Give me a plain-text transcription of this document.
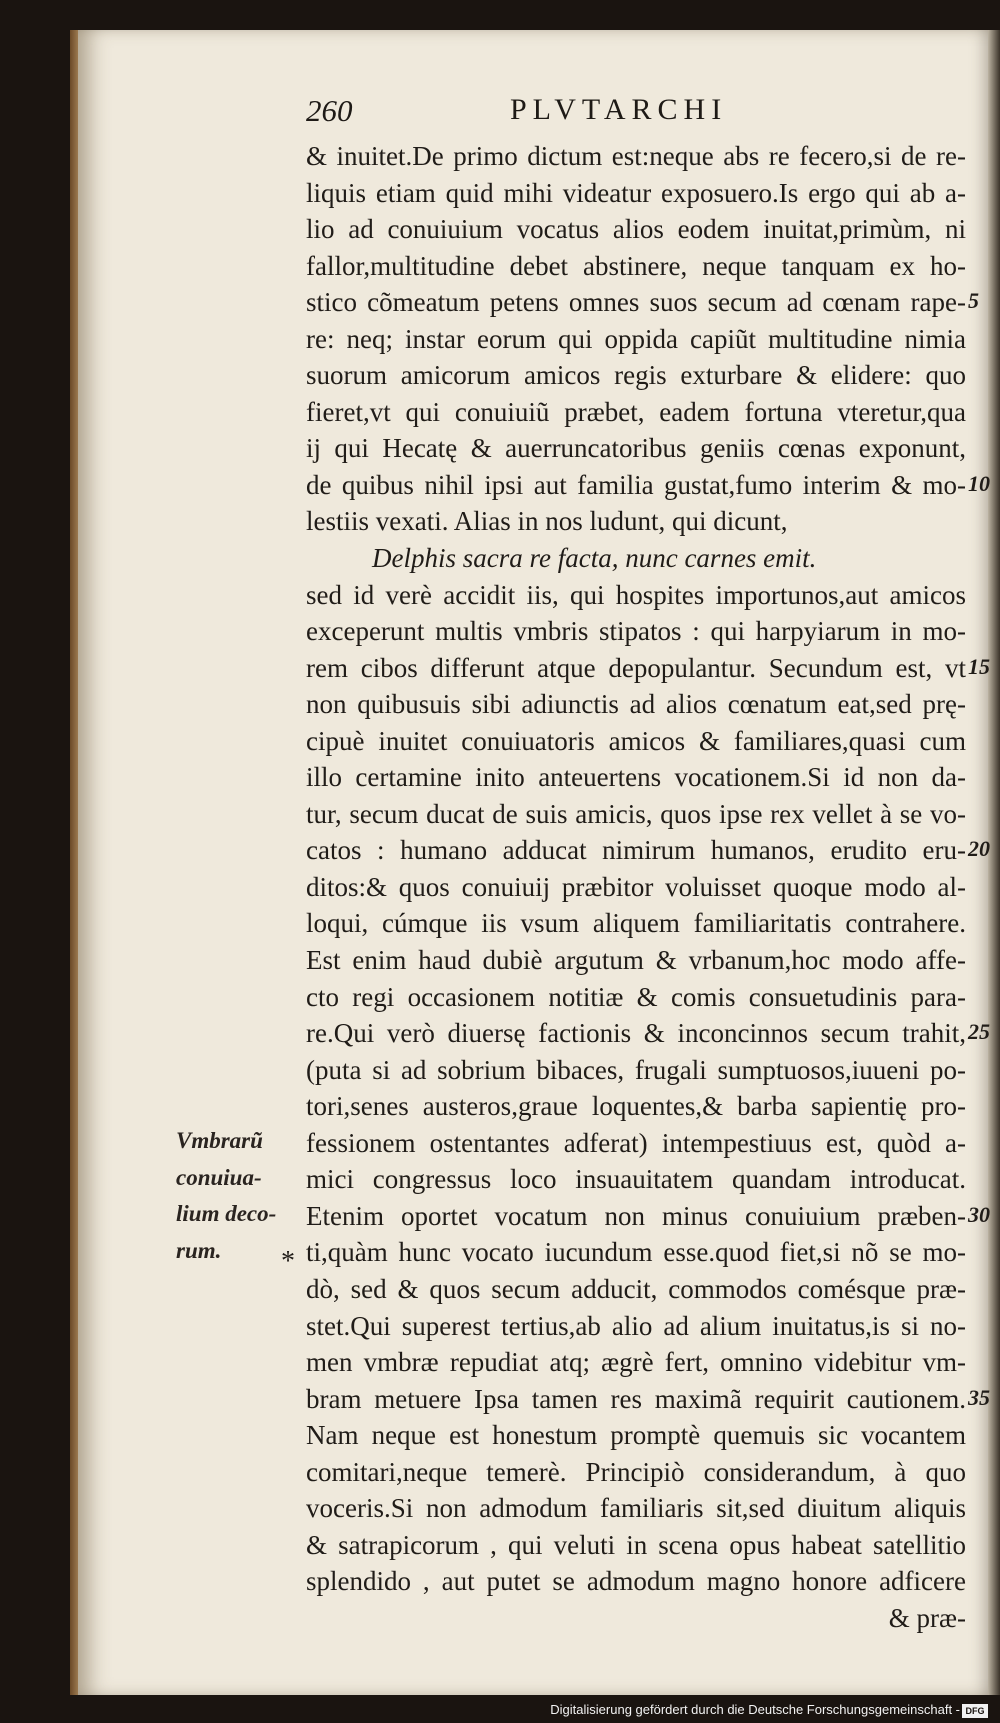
260	PLVTARCHI
& inuitet.De primo dictum est:neque abs re fecero,si de re-
liquis etiam quid mihi videatur exposuero.Is ergo qui ab a-
lio ad conuiuium vocatus alios eodem inuitat,primùm, ni
fallor,multitudine debet abstinere, neque tanquam ex ho-
stico cõmeatum petens omnes suos secum ad cœnam rape-
re: neq; instar eorum qui oppida capiũt multitudine nimia
suorum amicorum amicos regis exturbare & elidere: quo
fieret,vt qui conuiuiũ præbet, eadem fortuna vteretur,qua
ij qui Hecatę & auerruncatoribus geniis cœnas exponunt,
de quibus nihil ipsi aut familia gustat,fumo interim & mo-
lestiis vexati. Alias in nos ludunt, qui dicunt,
Delphis sacra re facta, nunc carnes emit.
sed id verè accidit iis, qui hospites importunos,aut amicos
exceperunt multis vmbris stipatos : qui harpyiarum in mo-
rem cibos differunt atque depopulantur. Secundum est, vt
non quibusuis sibi adiunctis ad alios cœnatum eat,sed prę-
cipuè inuitet conuiuatoris amicos & familiares,quasi cum
illo certamine inito anteuertens vocationem.Si id non da-
tur, secum ducat de suis amicis, quos ipse rex vellet à se vo-
catos : humano adducat nimirum humanos, erudito eru-
ditos:& quos conuiuij præbitor voluisset quoque modo al-
loqui, cúmque iis vsum aliquem familiaritatis contrahere.
Est enim haud dubiè argutum & vrbanum,hoc modo affe-
cto regi occasionem notitiæ & comis consuetudinis para-
re.Qui verò diuersę factionis & inconcinnos secum trahit,
(puta si ad sobrium bibaces, frugali sumptuosos,iuueni po-
tori,senes austeros,graue loquentes,& barba sapientię pro-
fessionem ostentantes adferat) intempestiuus est, quòd a-
mici congressus loco insuauitatem quandam introducat.
Etenim oportet vocatum non minus conuiuium præben-
ti,quàm hunc vocato iucundum esse.quod fiet,si nõ se mo-
dò, sed & quos secum adducit, commodos comésque præ-
stet.Qui superest tertius,ab alio ad alium inuitatus,is si no-
men vmbræ repudiat atq; ægrè fert, omnino videbitur vm-
bram metuere Ipsa tamen res maximã requirit cautionem.
Nam neque est honestum promptè quemuis sic vocantem
comitari,neque temerè. Principiò considerandum, à quo
voceris.Si non admodum familiaris sit,sed diuitum aliquis
& satrapicorum , qui veluti in scena opus habeat satellitio
splendido , aut putet se admodum magno honore adficere
& præ-
5
10
15
20
25
30
35
Vmbrarũ
conuiua-
lium deco-
rum.	*
Digitalisierung gefördert durch die Deutsche Forschungsgemeinschaft - DFG
